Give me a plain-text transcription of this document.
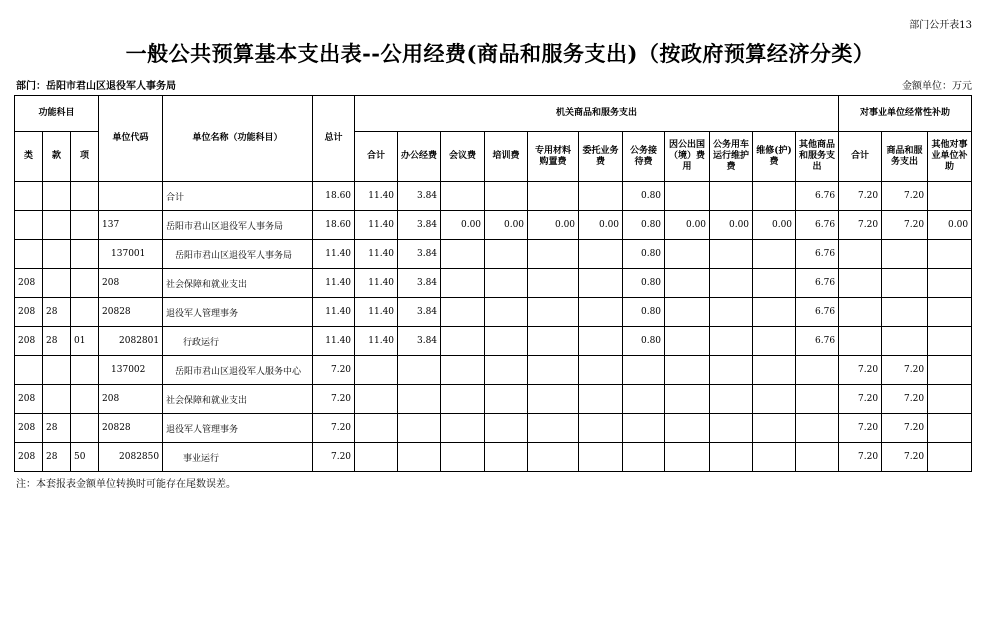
部门公开表13
一般公共预算基本支出表--公用经费(商品和服务支出)（按政府预算经济分类）
部门：岳阳市君山区退役军人事务局	金额单位：万元
功能科目			单位代码	单位名称（功能科目）	总计	机关商品和服务支出											对事业单位经常性补助		
类	款	项				合计	办公经费	会议费	培训费	专用材料购置费	委托业务费	公务接待费	因公出国（境）费用	公务用车运行维护费	维修(护)费	其他商品和服务支出	合计	商品和服务支出	其他对事业单位补助
				合计	18.60	11.40	3.84					0.80				6.76	7.20	7.20	
			137	岳阳市君山区退役军人事务局	18.60	11.40	3.84	0.00	0.00	0.00	0.00	0.80	0.00	0.00	0.00	6.76	7.20	7.20	0.00
			137001	岳阳市君山区退役军人事务局	11.40	11.40	3.84					0.80				6.76			
208			208	社会保障和就业支出	11.40	11.40	3.84					0.80				6.76			
208	28		20828	退役军人管理事务	11.40	11.40	3.84					0.80				6.76			
208	28	01	2082801	行政运行	11.40	11.40	3.84					0.80				6.76			
			137002	岳阳市君山区退役军人服务中心	7.20												7.20	7.20	
208			208	社会保障和就业支出	7.20												7.20	7.20	
208	28		20828	退役军人管理事务	7.20												7.20	7.20	
208	28	50	2082850	事业运行	7.20												7.20	7.20	
注：本套报表金额单位转换时可能存在尾数误差。
